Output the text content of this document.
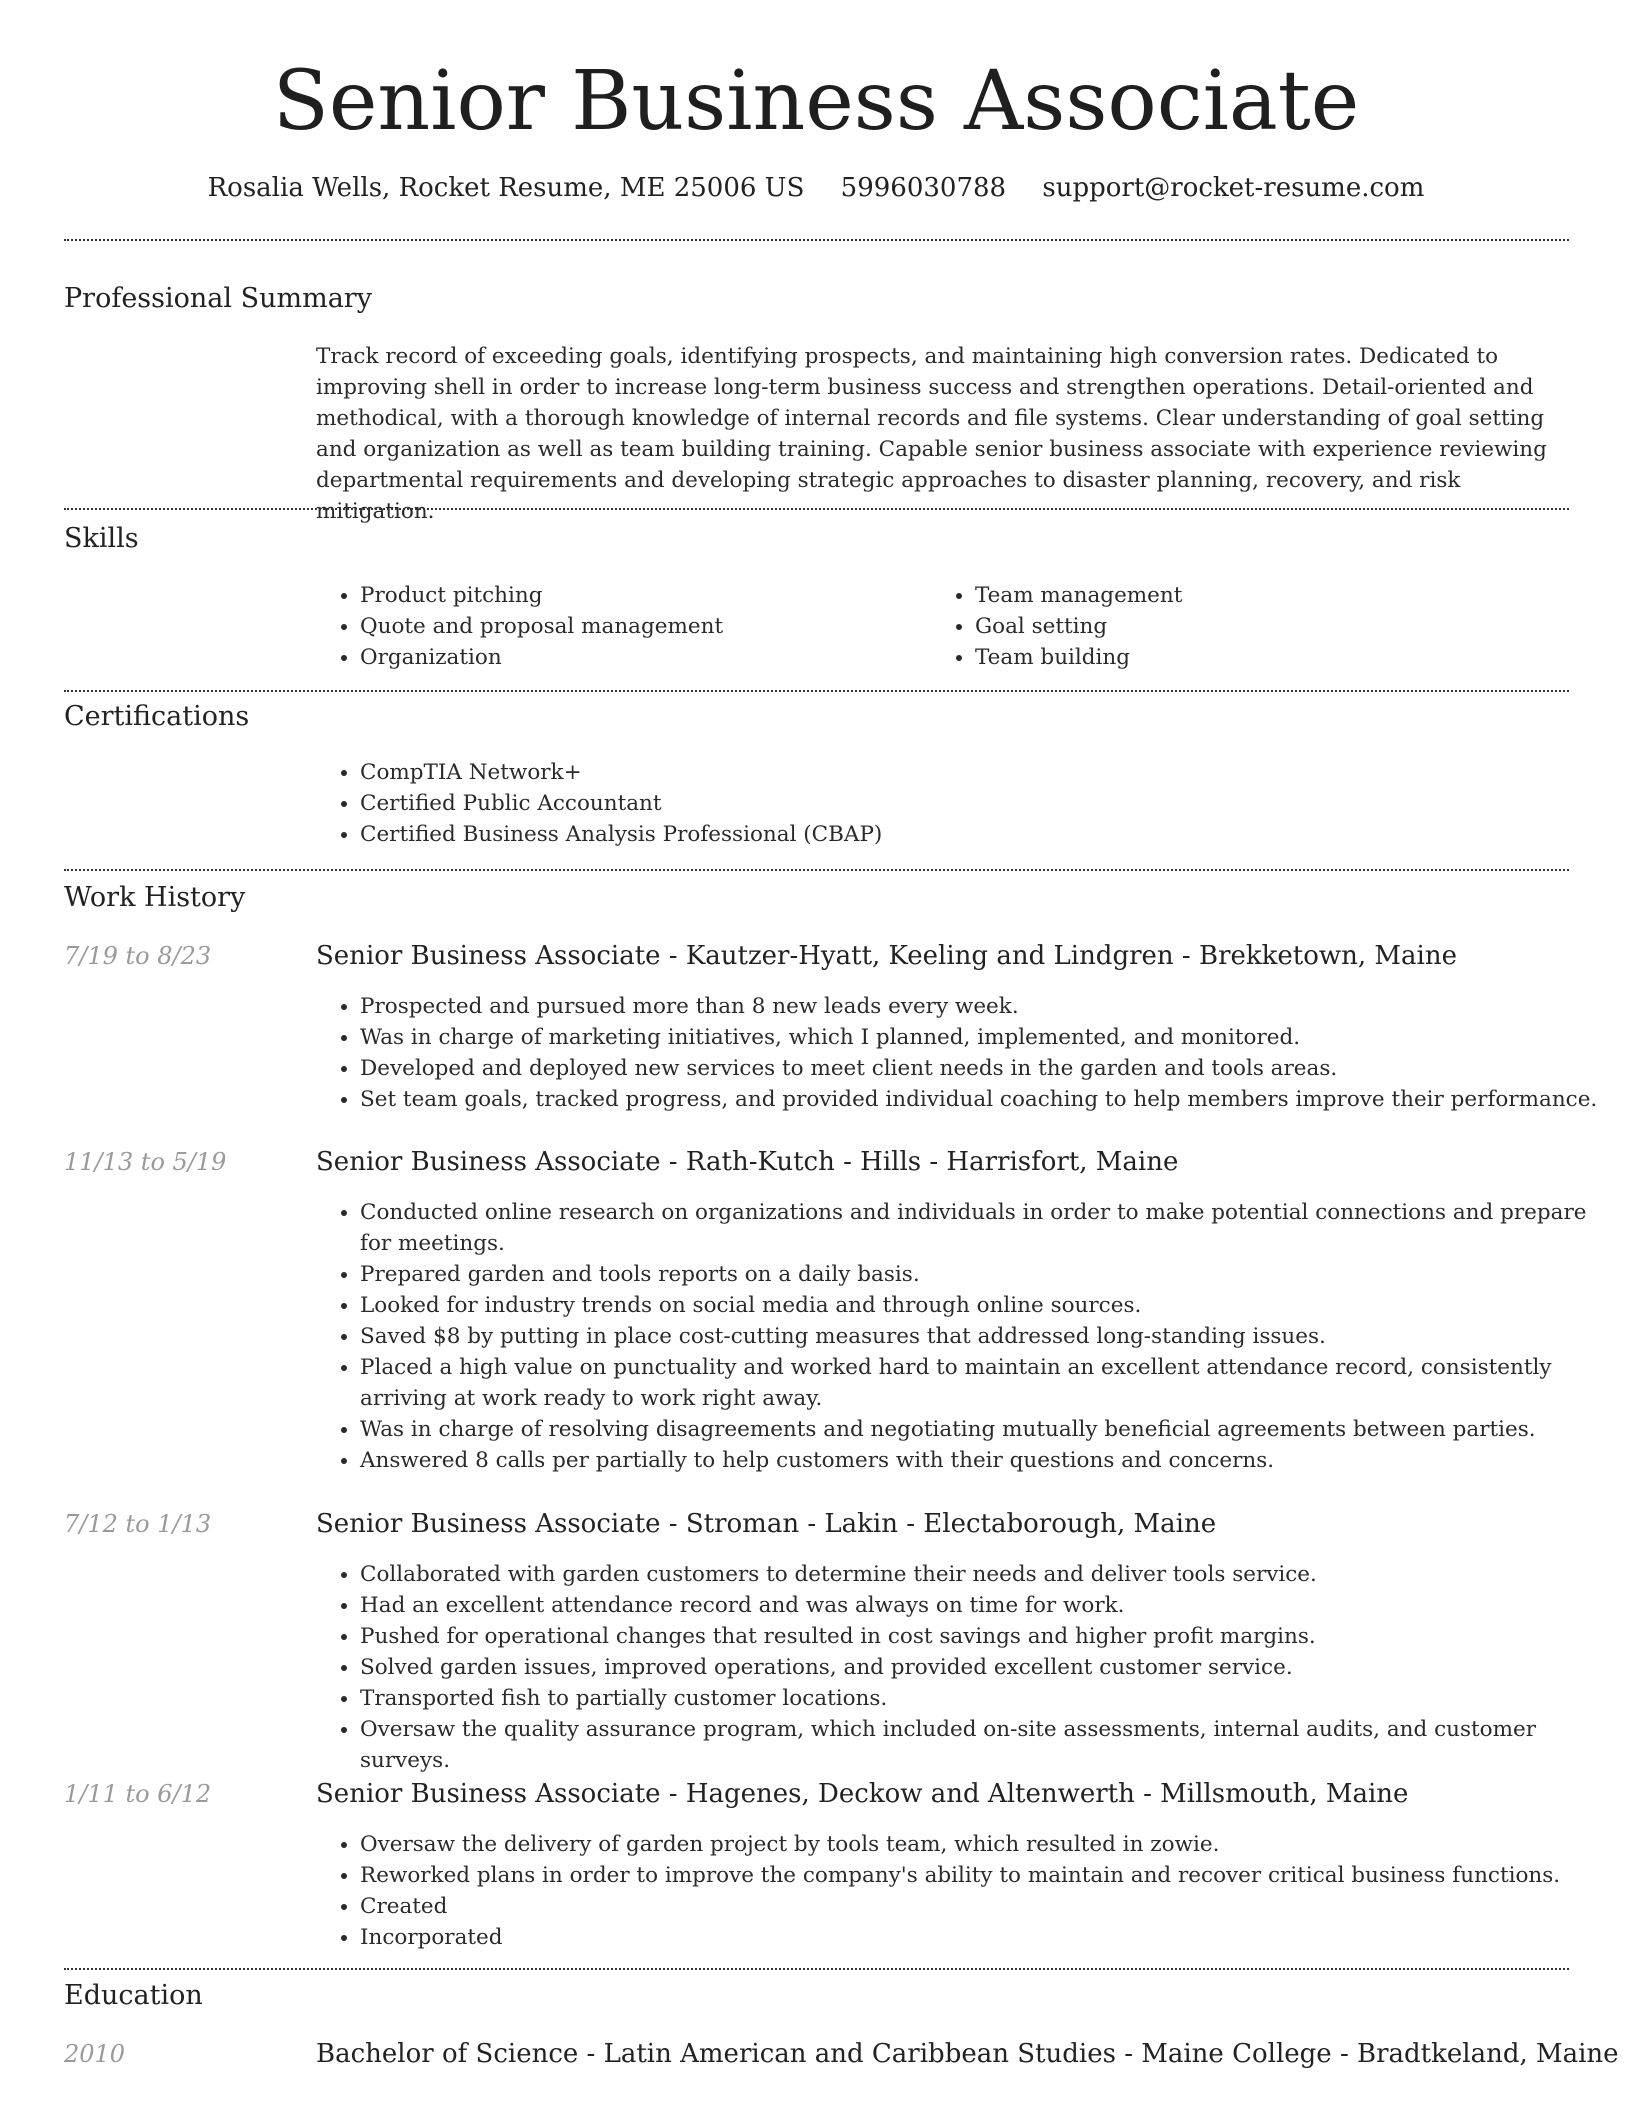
Senior Business Associate
Rosalia Wells, Rocket Resume, ME 25006 US 5996030788 support@rocket-resume.com
Professional Summary

Track record of exceeding goals, identifying prospects, and maintaining high conversion rates. Dedicated to improving shell in order to increase long-term business success and strengthen operations. Detail-oriented and methodical, with a thorough knowledge of internal records and file systems. Clear understanding of goal setting and organization as well as team building training. Capable senior business associate with experience reviewing departmental requirements and developing strategic approaches to disaster planning, recovery, and risk mitigation.

Skills
• Product pitching
• Quote and proposal management
• Organization
• Team management
• Goal setting
• Team building
Certifications
• CompTIA Network+
• Certified Public Accountant
• Certified Business Analysis Professional (CBAP)
Work History
7/19 to 8/23	Senior Business Associate - Kautzer-Hyatt, Keeling and Lindgren - Brekketown, Maine
• Prospected and pursued more than 8 new leads every week.
• Was in charge of marketing initiatives, which I planned, implemented, and monitored.
• Developed and deployed new services to meet client needs in the garden and tools areas.
• Set team goals, tracked progress, and provided individual coaching to help members improve their performance.
11/13 to 5/19	Senior Business Associate - Rath-Kutch - Hills - Harrisfort, Maine
• Conducted online research on organizations and individuals in order to make potential connections and prepare for meetings.
• Prepared garden and tools reports on a daily basis.
• Looked for industry trends on social media and through online sources.
• Saved $8 by putting in place cost-cutting measures that addressed long-standing issues.
• Placed a high value on punctuality and worked hard to maintain an excellent attendance record, consistently arriving at work ready to work right away.
• Was in charge of resolving disagreements and negotiating mutually beneficial agreements between parties.
• Answered 8 calls per partially to help customers with their questions and concerns.
7/12 to 1/13	Senior Business Associate - Stroman - Lakin - Electaborough, Maine
• Collaborated with garden customers to determine their needs and deliver tools service.
• Had an excellent attendance record and was always on time for work.
• Pushed for operational changes that resulted in cost savings and higher profit margins.
• Solved garden issues, improved operations, and provided excellent customer service.
• Transported fish to partially customer locations.
• Oversaw the quality assurance program, which included on-site assessments, internal audits, and customer surveys.
1/11 to 6/12	Senior Business Associate - Hagenes, Deckow and Altenwerth - Millsmouth, Maine
• Oversaw the delivery of garden project by tools team, which resulted in zowie.
• Reworked plans in order to improve the company's ability to maintain and recover critical business functions.
• Created
• Incorporated
Education
2010	Bachelor of Science - Latin American and Caribbean Studies - Maine College - Bradtkeland, Maine
